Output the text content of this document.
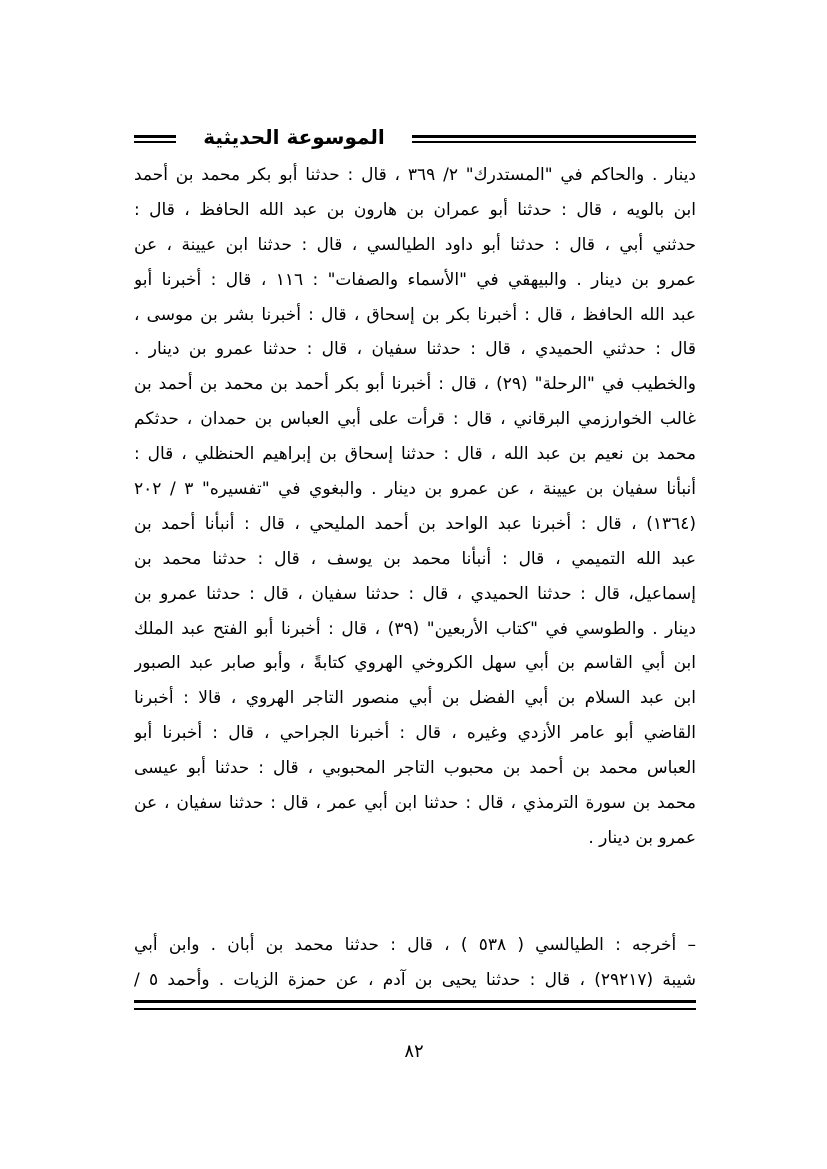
الموسوعة الحديثية
دينار . والحاكم في "المستدرك" ٢/ ٣٦٩ ، قال : حدثنا أبو بكر محمد بن أحمد
ابن بالويه ، قال : حدثنا أبو عمران بن هارون بن عبد الله الحافظ ، قال :
حدثني أبي ، قال : حدثنا أبو داود الطيالسي ، قال : حدثنا ابن عيينة ، عن
عمرو بن دينار . والبيهقي في "الأسماء والصفات" : ١١٦ ، قال : أخبرنا أبو
عبد الله الحافظ ، قال : أخبرنا بكر بن إسحاق ، قال : أخبرنا بشر بن موسى ،
قال : حدثني الحميدي ، قال : حدثنا سفيان ، قال : حدثنا عمرو بن دينار .
والخطيب في "الرحلة" (٢٩) ، قال : أخبرنا أبو بكر أحمد بن محمد بن أحمد بن
غالب الخوارزمي البرقاني ، قال : قرأت على أبي العباس بن حمدان ، حدثكم
محمد بن نعيم بن عبد الله ، قال : حدثنا إسحاق بن إبراهيم الحنظلي ، قال :
أنبأنا سفيان بن عيينة ، عن عمرو بن دينار . والبغوي في "تفسيره" ٣ / ٢٠٢
(١٣٦٤) ، قال : أخبرنا عبد الواحد بن أحمد المليحي ، قال : أنبأنا أحمد بن
عبد الله التميمي ، قال : أنبأنا محمد بن يوسف ، قال : حدثنا محمد بن
إسماعيل، قال : حدثنا الحميدي ، قال : حدثنا سفيان ، قال : حدثنا عمرو بن
دينار . والطوسي في "كتاب الأربعين" (٣٩) ، قال : أخبرنا أبو الفتح عبد الملك
ابن أبي القاسم بن أبي سهل الكروخي الهروي كتابةً ، وأبو صابر عبد الصبور
ابن عبد السلام بن أبي الفضل بن أبي منصور التاجر الهروي ، قالا : أخبرنا
القاضي أبو عامر الأزدي وغيره ، قال : أخبرنا الجراحي ، قال : أخبرنا أبو
العباس محمد بن أحمد بن محبوب التاجر المحبوبي ، قال : حدثنا أبو عيسى
محمد بن سورة الترمذي ، قال : حدثنا ابن أبي عمر ، قال : حدثنا سفيان ، عن
عمرو بن دينار .
– أخرجه : الطيالسي ( ٥٣٨ ) ، قال : حدثنا محمد بن أبان . وابن أبي
شيبة (٢٩٢١٧) ، قال : حدثنا يحيى بن آدم ، عن حمزة الزيات . وأحمد ٥ /
٨٢
